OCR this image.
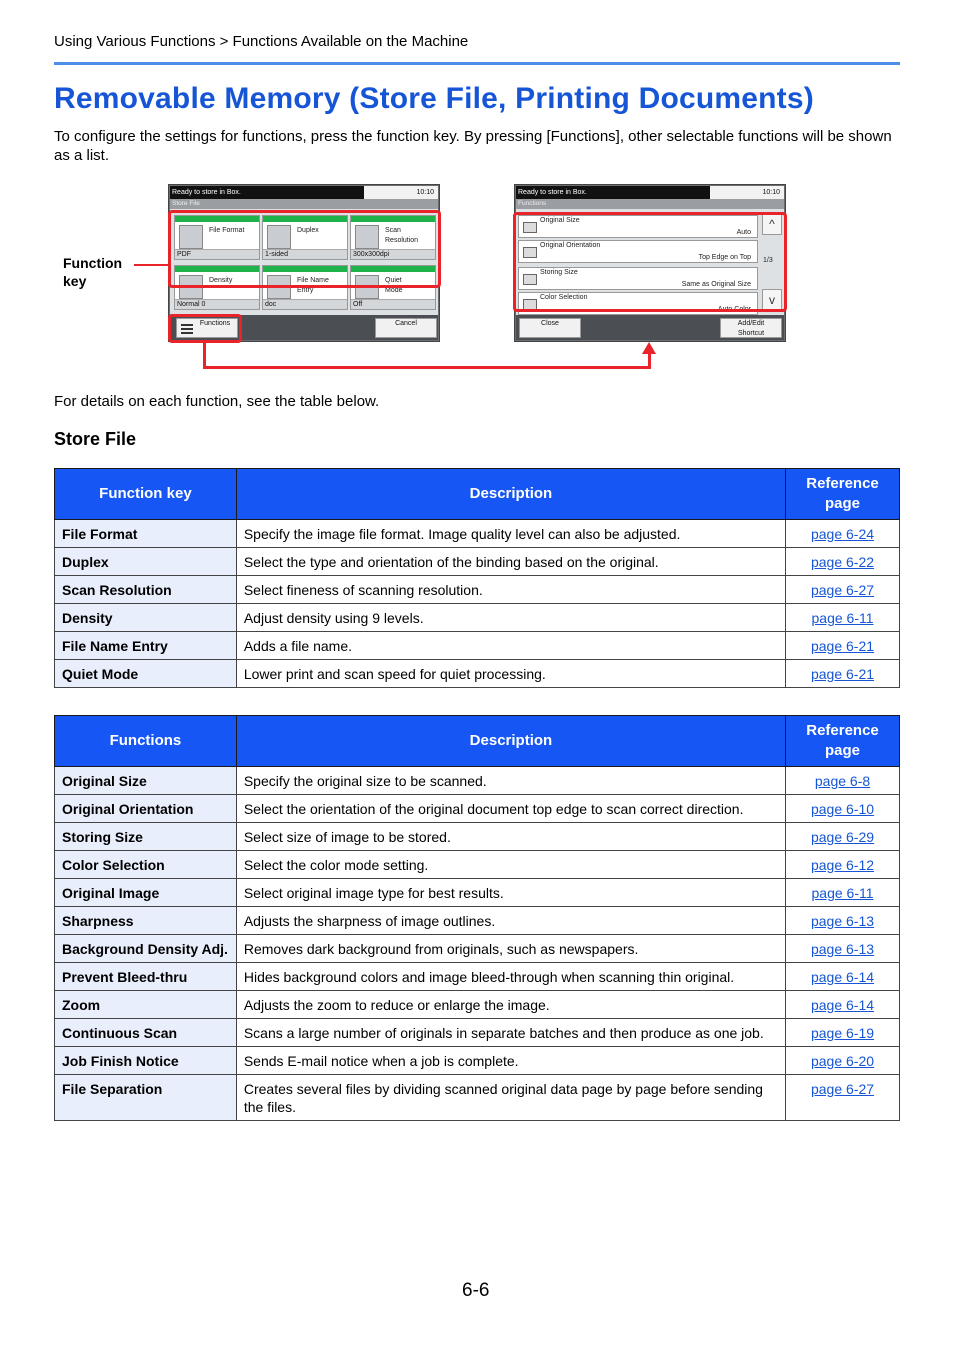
Using Various Functions > Functions Available on the Machine
Removable Memory (Store File, Printing Documents)

To configure the settings for functions, press the function key. By pressing [Functions], other selectable functions will be shown as a list.

Function
key
Ready to store in Box.	10:10
Store File
File Format
PDF
Duplex
1-sided
Scan Resolution
300x300dpi
Density
Normal 0
File Name Entry
doc
Quiet Mode
Off
Functions	Cancel
Ready to store in Box.	10:10
Functions
Original Size
Auto
Original Orientation
Top Edge on Top
Storing Size
Same as Original Size
Color Selection
Auto Color
^
1/3
v
Close	Add/Edit
Shortcut

For details on each function, see the table below.

Store File
Function key	Description	Reference page
File Format	Specify the image file format. Image quality level can also be adjusted.	page 6-24
Duplex	Select the type and orientation of the binding based on the original.	page 6-22
Scan Resolution	Select fineness of scanning resolution.	page 6-27
Density	Adjust density using 9 levels.	page 6-11
File Name Entry	Adds a file name.	page 6-21
Quiet Mode	Lower print and scan speed for quiet processing.	page 6-21
Functions	Description	Reference page
Original Size	Specify the original size to be scanned.	page 6-8
Original Orientation	Select the orientation of the original document top edge to scan correct direction.	page 6-10
Storing Size	Select size of image to be stored.	page 6-29
Color Selection	Select the color mode setting.	page 6-12
Original Image	Select original image type for best results.	page 6-11
Sharpness	Adjusts the sharpness of image outlines.	page 6-13
Background Density Adj.	Removes dark background from originals, such as newspapers.	page 6-13
Prevent Bleed-thru	Hides background colors and image bleed-through when scanning thin original.	page 6-14
Zoom	Adjusts the zoom to reduce or enlarge the image.	page 6-14
Continuous Scan	Scans a large number of originals in separate batches and then produce as one job.	page 6-19
Job Finish Notice	Sends E-mail notice when a job is complete.	page 6-20
File Separation	Creates several files by dividing scanned original data page by page before sending the files.	page 6-27
6-6
